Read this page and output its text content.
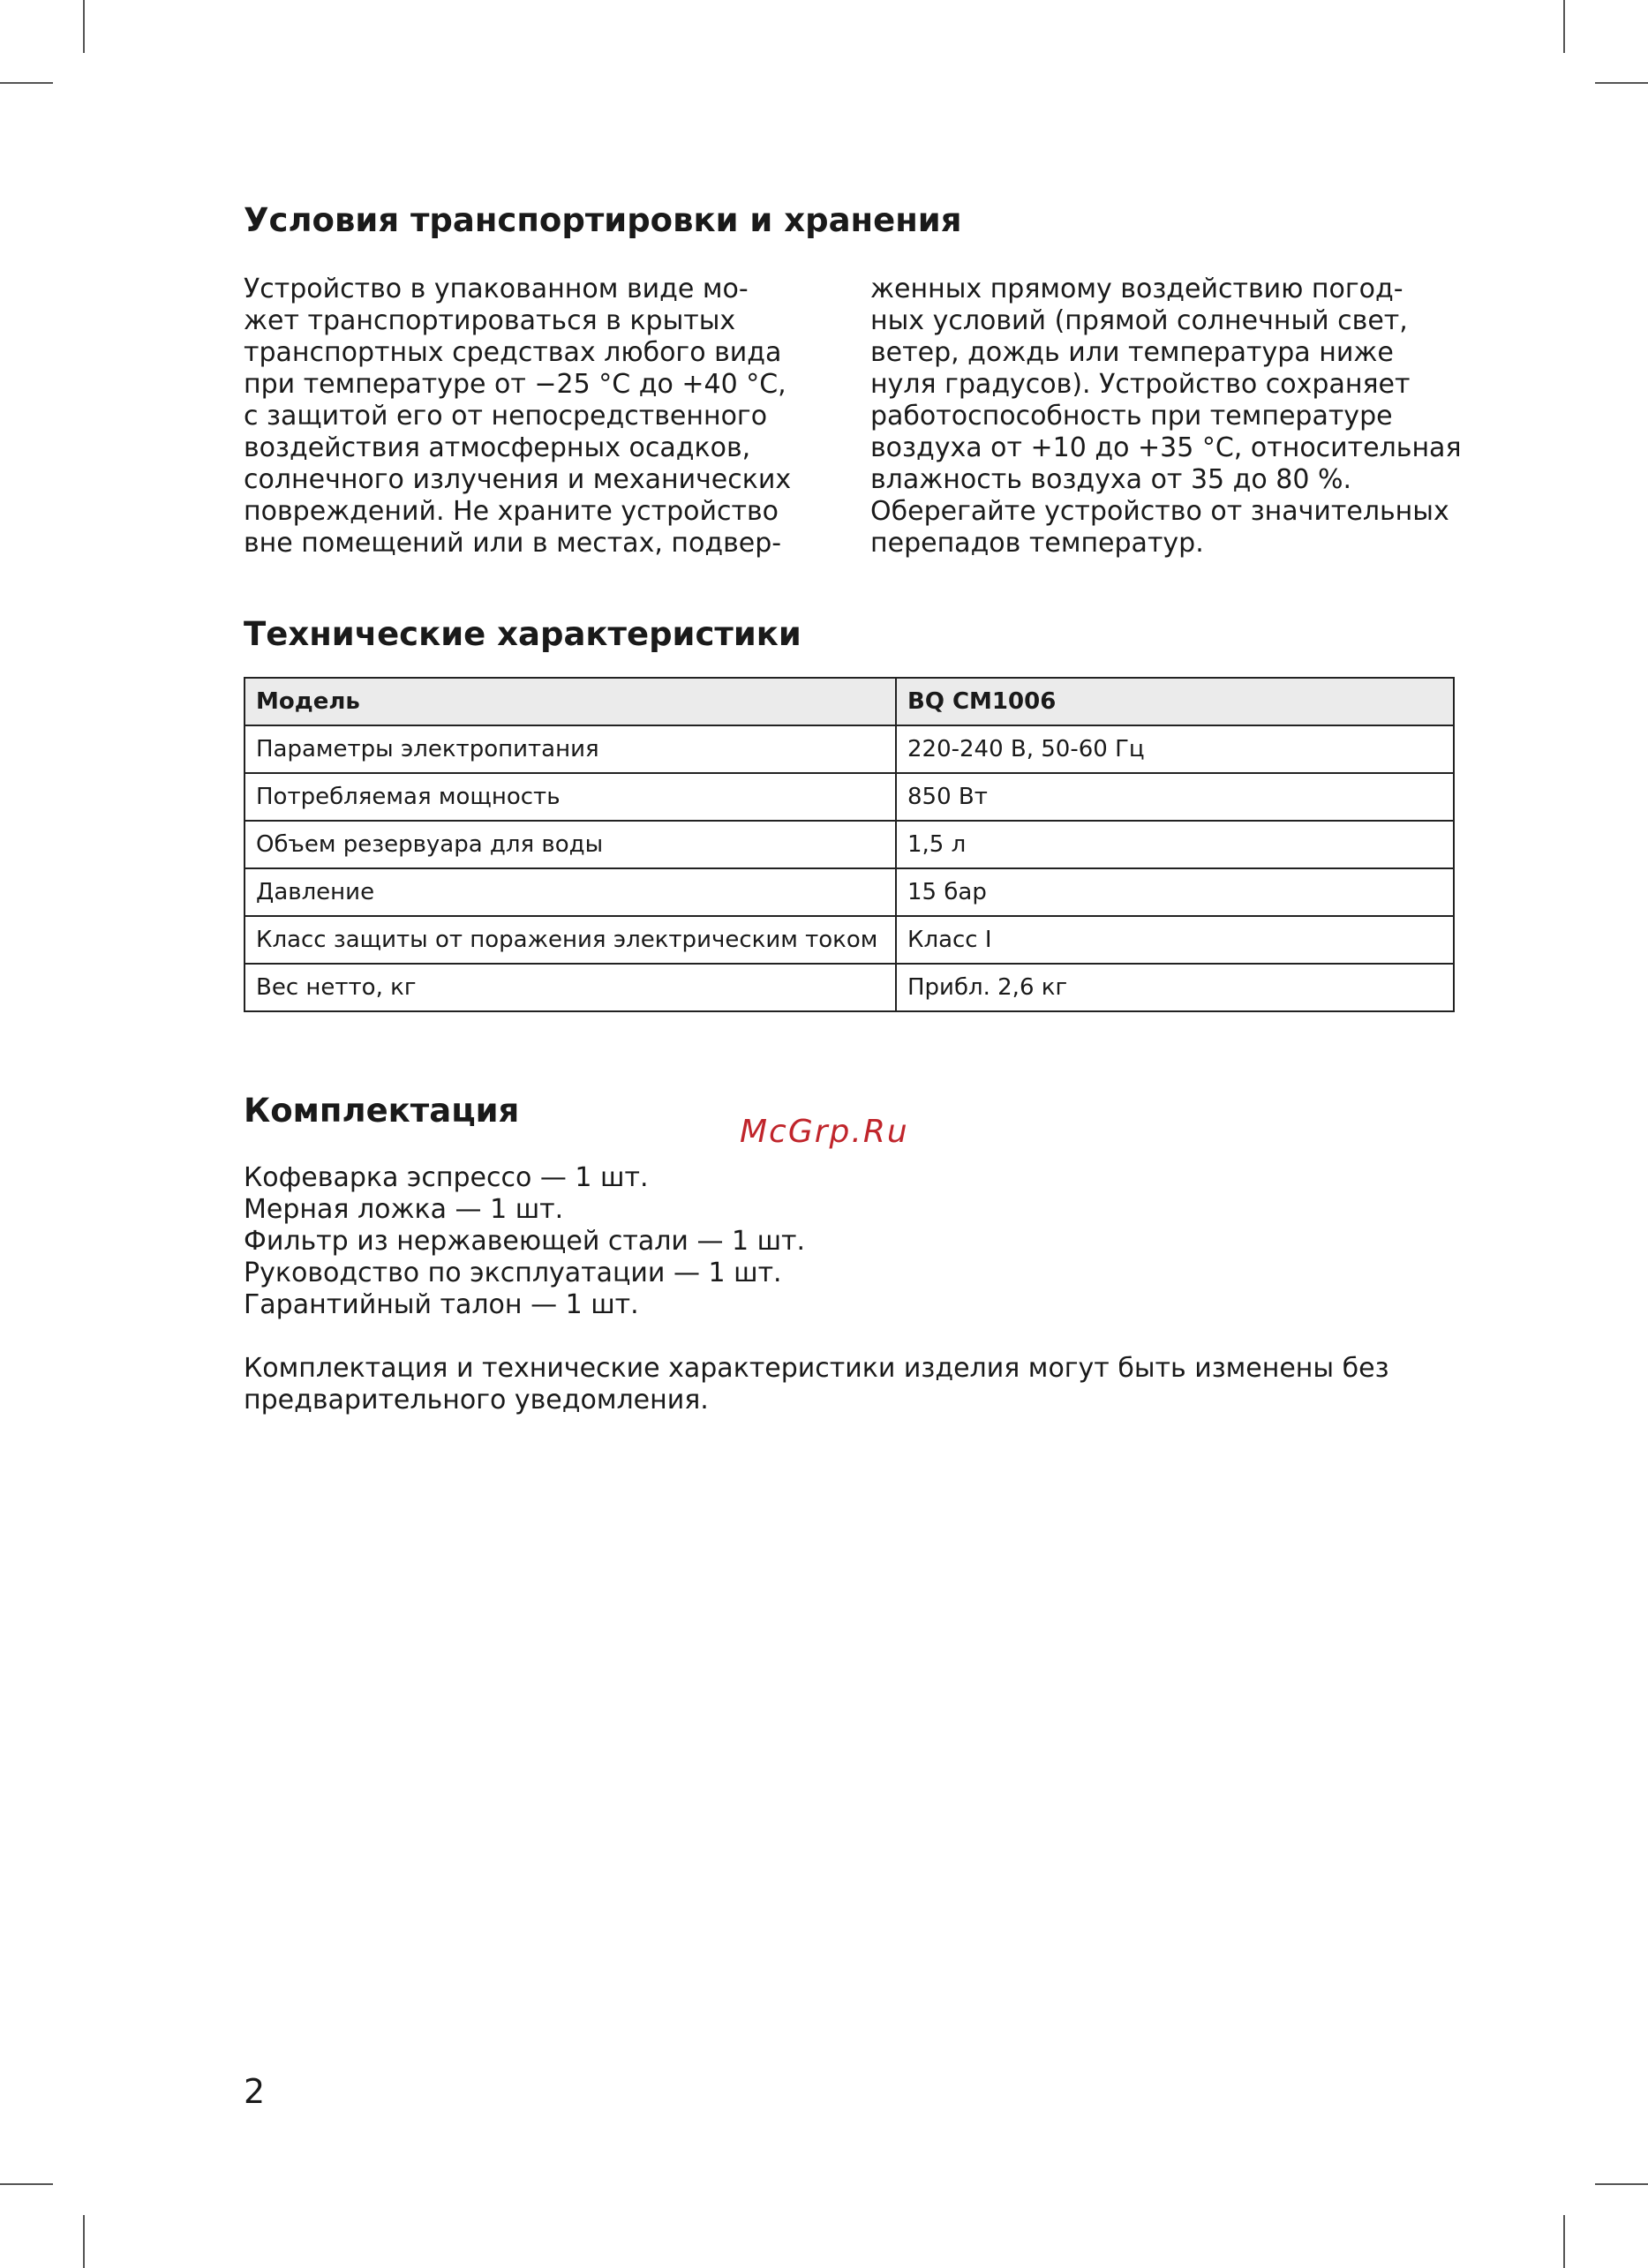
Условия транспортировки и хранения
Устройство в упакованном виде мо-
жет транспортироваться в крытых
транспортных средствах любого вида
при температуре от −25 °C до +40 °C,
с защитой его от непосредственного
воздействия атмосферных осадков,
солнечного излучения и механических
повреждений. Не храните устройство
вне помещений или в местах, подвер-
женных прямому воздействию погод-
ных условий (прямой солнечный свет,
ветер, дождь или температура ниже
нуля градусов). Устройство сохраняет
работоспособность при температуре
воздуха от +10 до +35 °C, относительная
влажность воздуха от 35 до 80 %.
Оберегайте устройство от значительных
перепадов температур.
Технические характеристики
Модель	BQ CM1006
Параметры электропитания	220-240 В, 50-60 Гц
Потребляемая мощность	850 Вт
Объем резервуара для воды	1,5 л
Давление	15 бар
Класс защиты от поражения электрическим током	Класс I
Вес нетто, кг	Прибл. 2,6 кг
Комплектация
Кофеварка эспрессо — 1 шт.
Мерная ложка — 1 шт.
Фильтр из нержавеющей стали — 1 шт.
Руководство по эксплуатации — 1 шт.
Гарантийный талон — 1 шт.
Комплектация и технические характеристики изделия могут быть изменены без
предварительного уведомления.
McGrp.Ru
2
